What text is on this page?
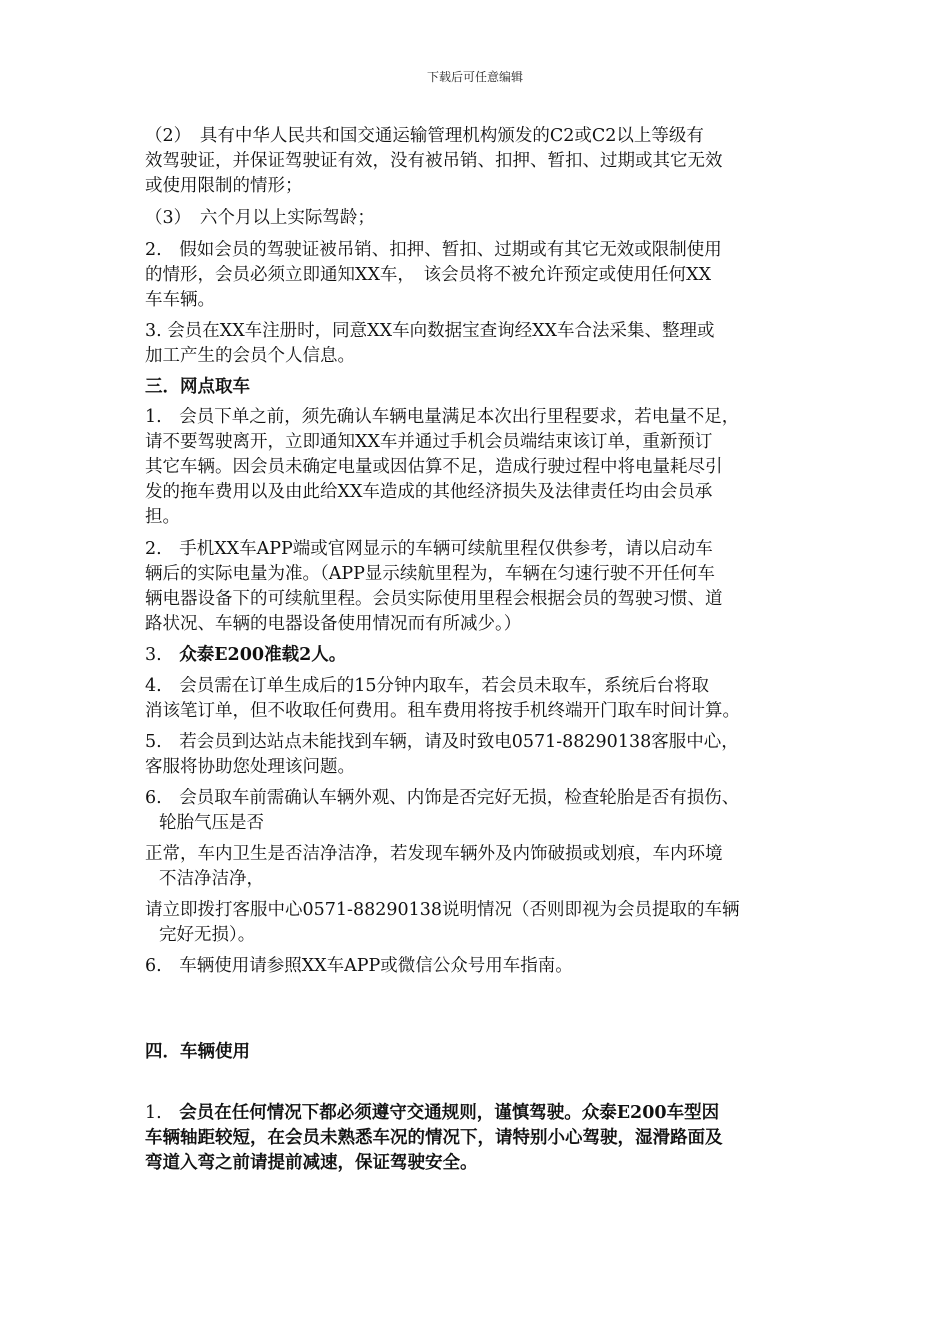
下载后可任意编辑
（2）　具有中华人民共和国交通运输管理机构颁发的C2或C2以上等级有
效驾驶证，并保证驾驶证有效，没有被吊销、扣押、暂扣、过期或其它无效
或使用限制的情形；
（3）　六个月以上实际驾龄；
2.　假如会员的驾驶证被吊销、扣押、暂扣、过期或有其它无效或限制使用
的情形，会员必须立即通知XX车，　该会员将不被允许预定或使用任何XX
车车辆。
3. 会员在XX车注册时，同意XX车向数据宝查询经XX车合法采集、整理或
加工产生的会员个人信息。
三．网点取车
1.　会员下单之前，须先确认车辆电量满足本次出行里程要求，若电量不足，
请不要驾驶离开，立即通知XX车并通过手机会员端结束该订单，重新预订
其它车辆。因会员未确定电量或因估算不足，造成行驶过程中将电量耗尽引
发的拖车费用以及由此给XX车造成的其他经济损失及法律责任均由会员承
担。
2.　手机XX车APP端或官网显示的车辆可续航里程仅供参考，请以启动车
辆后的实际电量为准。（APP显示续航里程为，车辆在匀速行驶不开任何车
辆电器设备下的可续航里程。会员实际使用里程会根据会员的驾驶习惯、道
路状况、车辆的电器设备使用情况而有所减少。）
3.　众泰E200准载2人。
4.　会员需在订单生成后的15分钟内取车，若会员未取车，系统后台将取
消该笔订单，但不收取任何费用。租车费用将按手机终端开门取车时间计算。
5.　若会员到达站点未能找到车辆，请及时致电0571-88290138客服中心，
客服将协助您处理该问题。
6.　会员取车前需确认车辆外观、内饰是否完好无损，检查轮胎是否有损伤、
轮胎气压是否
正常，车内卫生是否洁净洁净，若发现车辆外及内饰破损或划痕，车内环境
不洁净洁净，
请立即拨打客服中心0571-88290138说明情况（否则即视为会员提取的车辆
完好无损）。
6.　车辆使用请参照XX车APP或微信公众号用车指南。
四．车辆使用
1.　会员在任何情况下都必须遵守交通规则，谨慎驾驶。众泰E200车型因
车辆轴距较短，在会员未熟悉车况的情况下，请特别小心驾驶，湿滑路面及
弯道入弯之前请提前减速，保证驾驶安全。
